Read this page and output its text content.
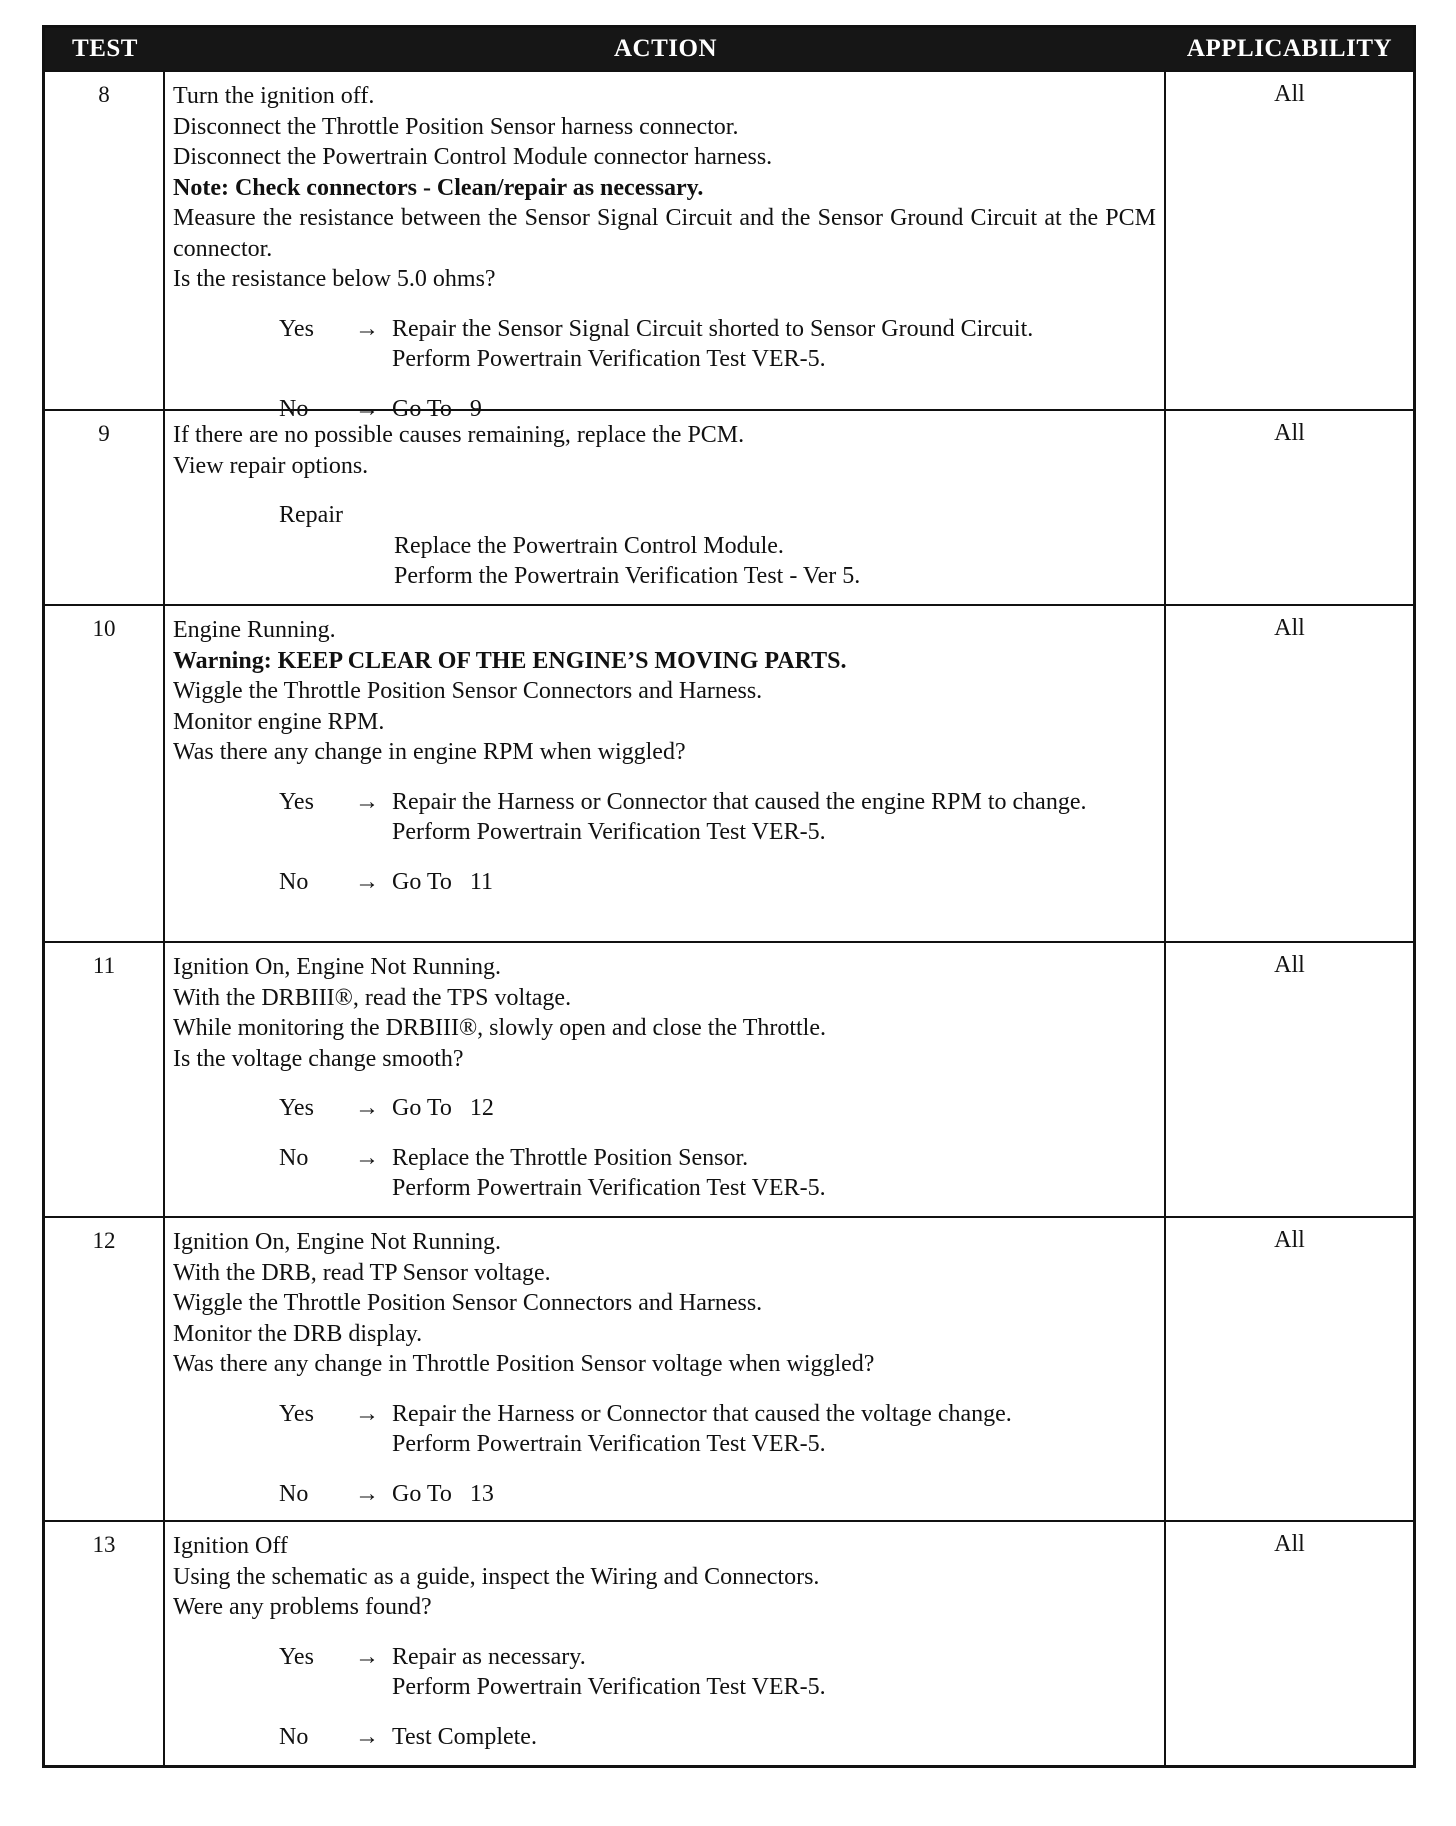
TEST	ACTION	APPLICABILITY
8	Turn the ignition off.
Disconnect the Throttle Position Sensor harness connector.
Disconnect the Powertrain Control Module connector harness.
Note: Check connectors - Clean/repair as necessary.
Measure the resistance between the Sensor Signal Circuit and the Sensor Ground Circuit at the PCM connector.
Is the resistance below 5.0 ohms?
Yes	→ Repair the Sensor Signal Circuit shorted to Sensor Ground Circuit.
Perform Powertrain Verification Test VER-5.
No	→ Go To   9
All
9	If there are no possible causes remaining, replace the PCM.
View repair options.
Repair
Replace the Powertrain Control Module.
Perform the Powertrain Verification Test - Ver 5.
All
10	Engine Running.
Warning: KEEP CLEAR OF THE ENGINE’S MOVING PARTS.
Wiggle the Throttle Position Sensor Connectors and Harness.
Monitor engine RPM.
Was there any change in engine RPM when wiggled?
Yes	→ Repair the Harness or Connector that caused the engine RPM to change.
Perform Powertrain Verification Test VER-5.
No	→ Go To   11
All
11	Ignition On, Engine Not Running.
With the DRBIII®, read the TPS voltage.
While monitoring the DRBIII®, slowly open and close the Throttle.
Is the voltage change smooth?
Yes	→ Go To   12
No	→ Replace the Throttle Position Sensor.
Perform Powertrain Verification Test VER-5.
All
12	Ignition On, Engine Not Running.
With the DRB, read TP Sensor voltage.
Wiggle the Throttle Position Sensor Connectors and Harness.
Monitor the DRB display.
Was there any change in Throttle Position Sensor voltage when wiggled?
Yes	→ Repair the Harness or Connector that caused the voltage change.
Perform Powertrain Verification Test VER-5.
No	→ Go To   13
All
13	Ignition Off
Using the schematic as a guide, inspect the Wiring and Connectors.
Were any problems found?
Yes	→ Repair as necessary.
Perform Powertrain Verification Test VER-5.
No	→ Test Complete.
All
